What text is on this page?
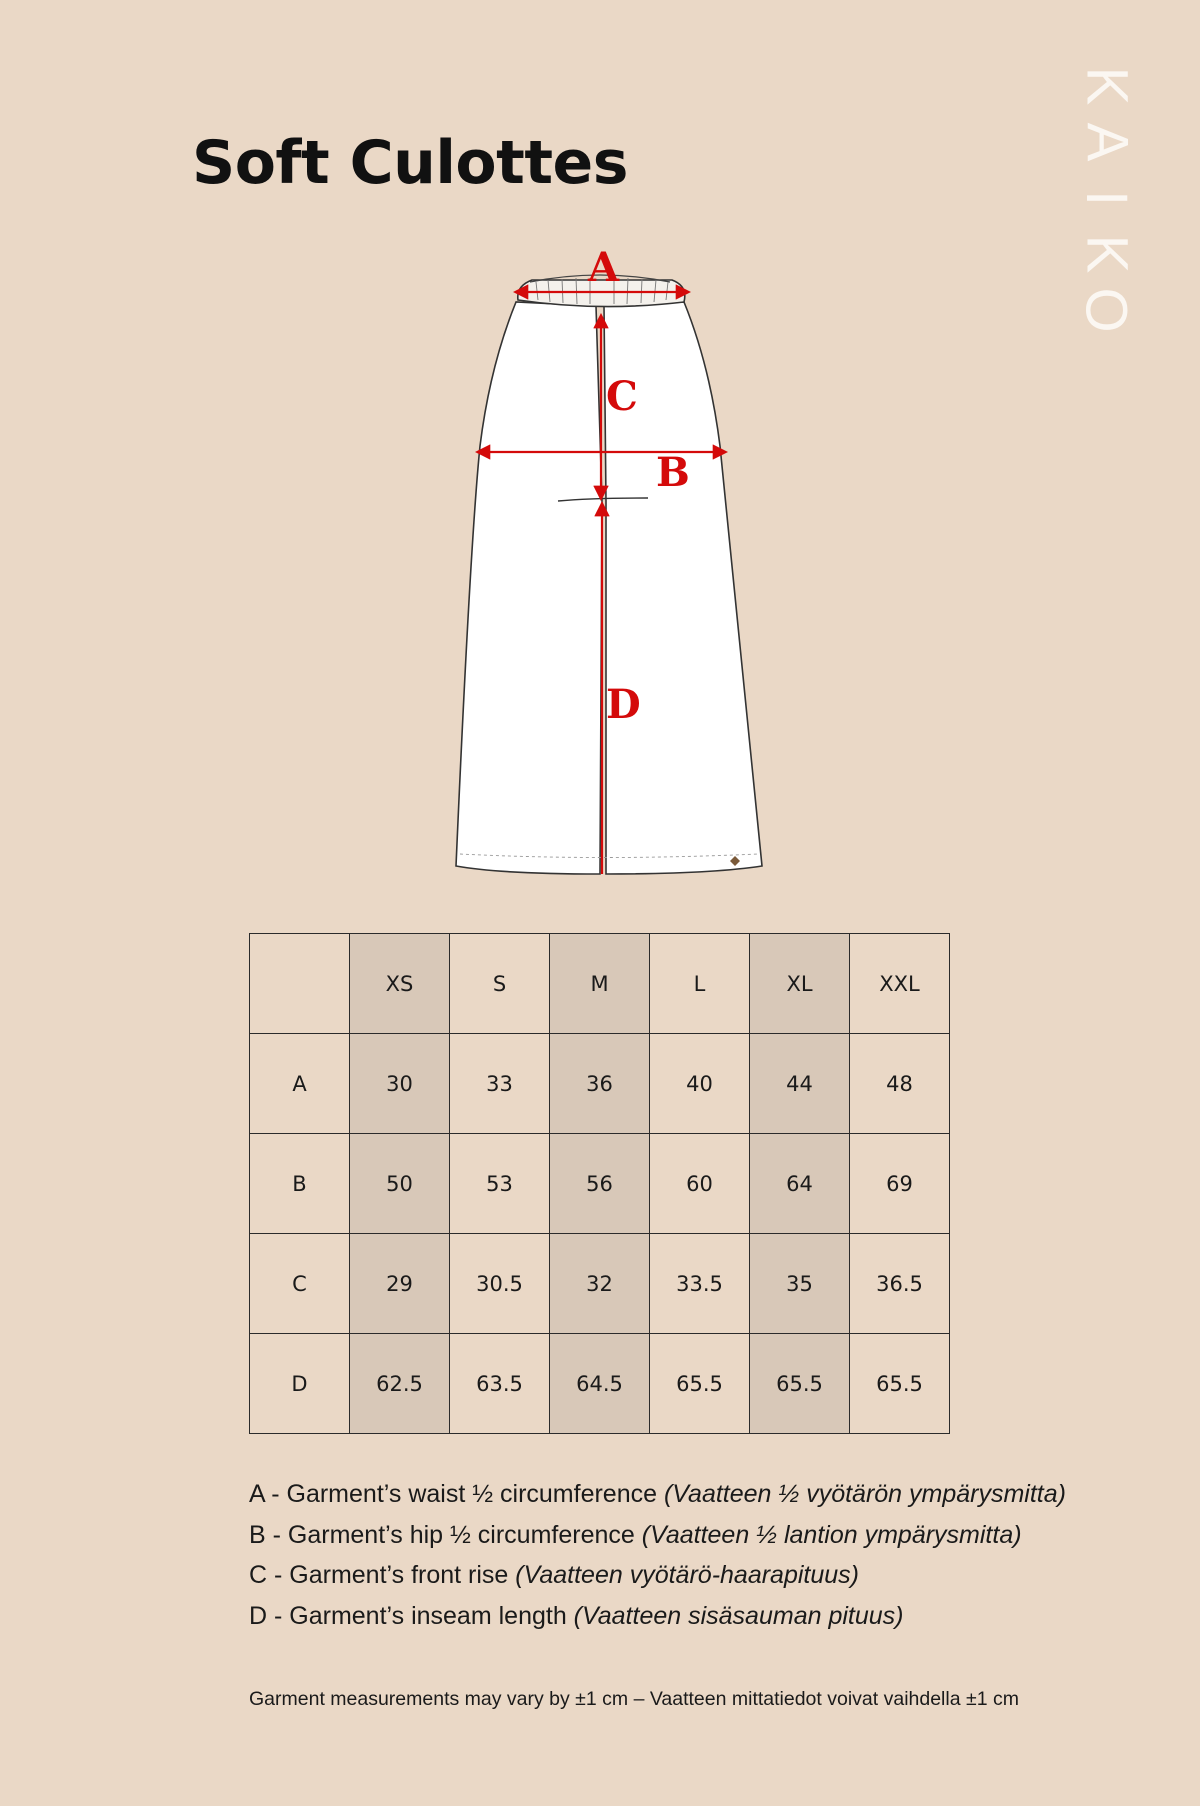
Soft Culottes
K
A
I
K
O
A
C
B
D
	XS	S	M	L	XL	XXL
A	30	33	36	40	44	48
B	50	53	56	60	64	69
C	29	30.5	32	33.5	35	36.5
D	62.5	63.5	64.5	65.5	65.5	65.5
A - Garment’s waist ½ circumference (Vaatteen ½ vyötärön ympärysmitta)
B - Garment’s hip ½ circumference (Vaatteen ½ lantion ympärysmitta)
C - Garment’s front rise (Vaatteen vyötärö-haarapituus)
D - Garment’s inseam length (Vaatteen sisäsauman pituus)
Garment measurements may vary by ±1 cm – Vaatteen mittatiedot voivat vaihdella ±1 cm
